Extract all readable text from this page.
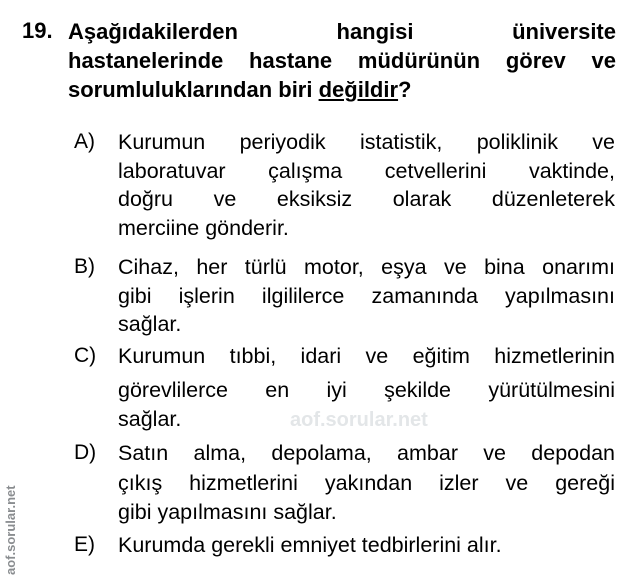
aof.sorular.net
19. Aşağıdakilerden hangisi üniversite
hastanelerinde hastane müdürünün görev ve
sorumluluklarından biri değildir?
A) Kurumun periyodik istatistik, poliklinik ve
laboratuvar çalışma cetvellerini vaktinde,
doğru ve eksiksiz olarak düzenleterek
merciine gönderir.
B) Cihaz, her türlü motor, eşya ve bina onarımı
gibi işlerin ilgililerce zamanında yapılmasını
sağlar.
C) Kurumun tıbbi, idari ve eğitim hizmetlerinin
görevlilerce en iyi şekilde yürütülmesini
sağlar.
D) Satın alma, depolama, ambar ve depodan
çıkış hizmetlerini yakından izler ve gereği
gibi yapılmasını sağlar.
E) Kurumda gerekli emniyet tedbirlerini alır.
aof.sorular.net
